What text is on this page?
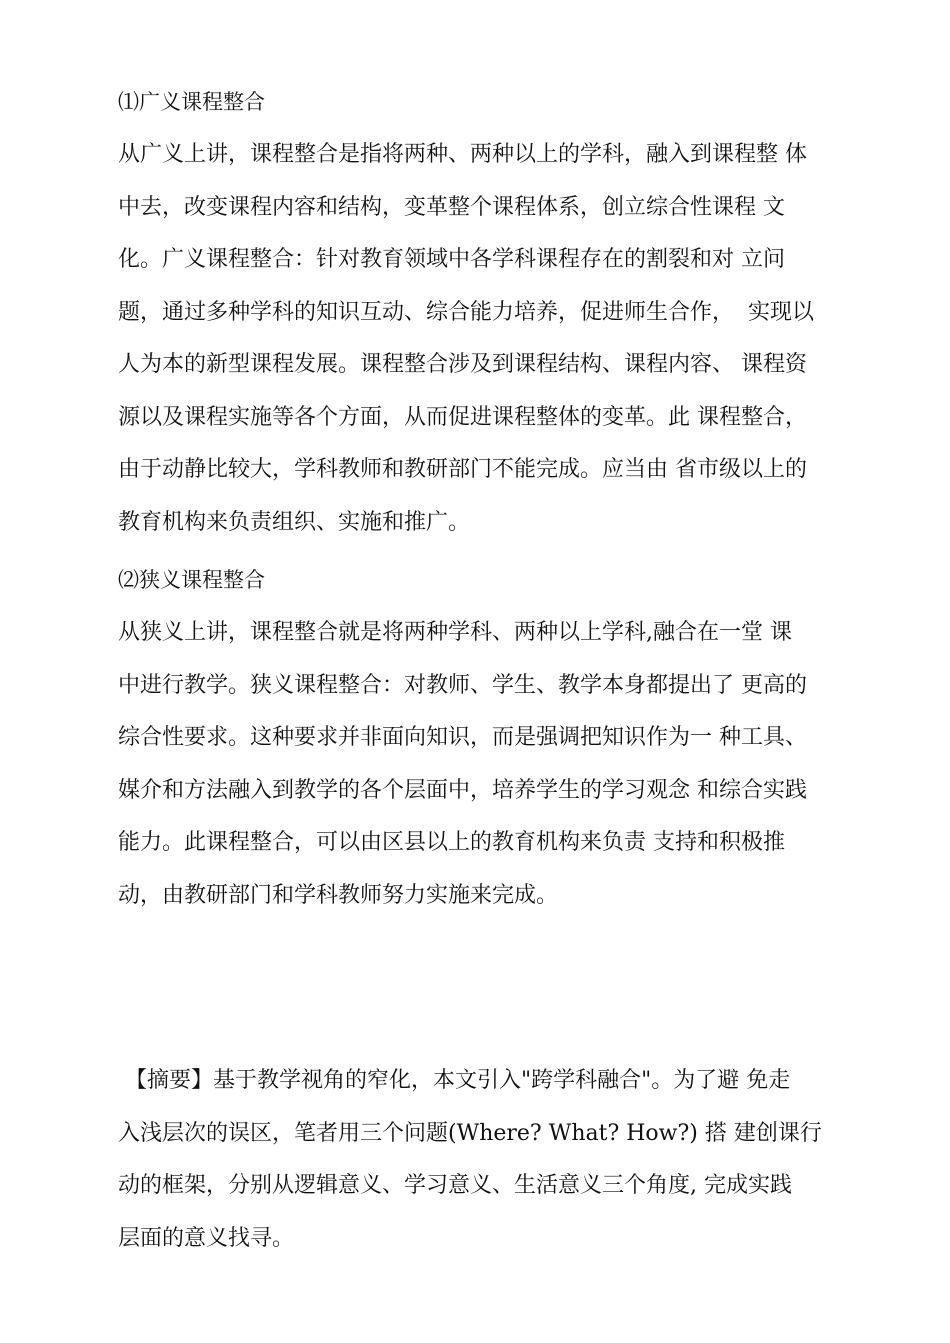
⑴广义课程整合
从广义上讲，课程整合是指将两种、两种以上的学科，融入到课程整 体
中去，改变课程内容和结构，变革整个课程体系，创立综合性课程 文
化。广义课程整合：针对教育领域中各学科课程存在的割裂和对 立问
题，通过多种学科的知识互动、综合能力培养，促进师生合作，  实现以
人为本的新型课程发展。课程整合涉及到课程结构、课程内容、 课程资
源以及课程实施等各个方面，从而促进课程整体的变革。此 课程整合，
由于动静比较大，学科教师和教研部门不能完成。应当由 省市级以上的
教育机构来负责组织、实施和推广。
⑵狭义课程整合
从狭义上讲，课程整合就是将两种学科、两种以上学科,融合在一堂 课
中进行教学。狭义课程整合：对教师、学生、教学本身都提出了 更高的
综合性要求。这种要求并非面向知识，而是强调把知识作为一 种工具、
媒介和方法融入到教学的各个层面中，培养学生的学习观念 和综合实践
能力。此课程整合，可以由区县以上的教育机构来负责 支持和积极推
动，由教研部门和学科教师努力实施来完成。
【摘要】基于教学视角的窄化，本文引入"跨学科融合"。为了避 免走
入浅层次的误区，笔者用三个问题(Where? What? How?) 搭 建创课行
动的框架，分别从逻辑意义、学习意义、生活意义三个角度, 完成实践
层面的意义找寻。
